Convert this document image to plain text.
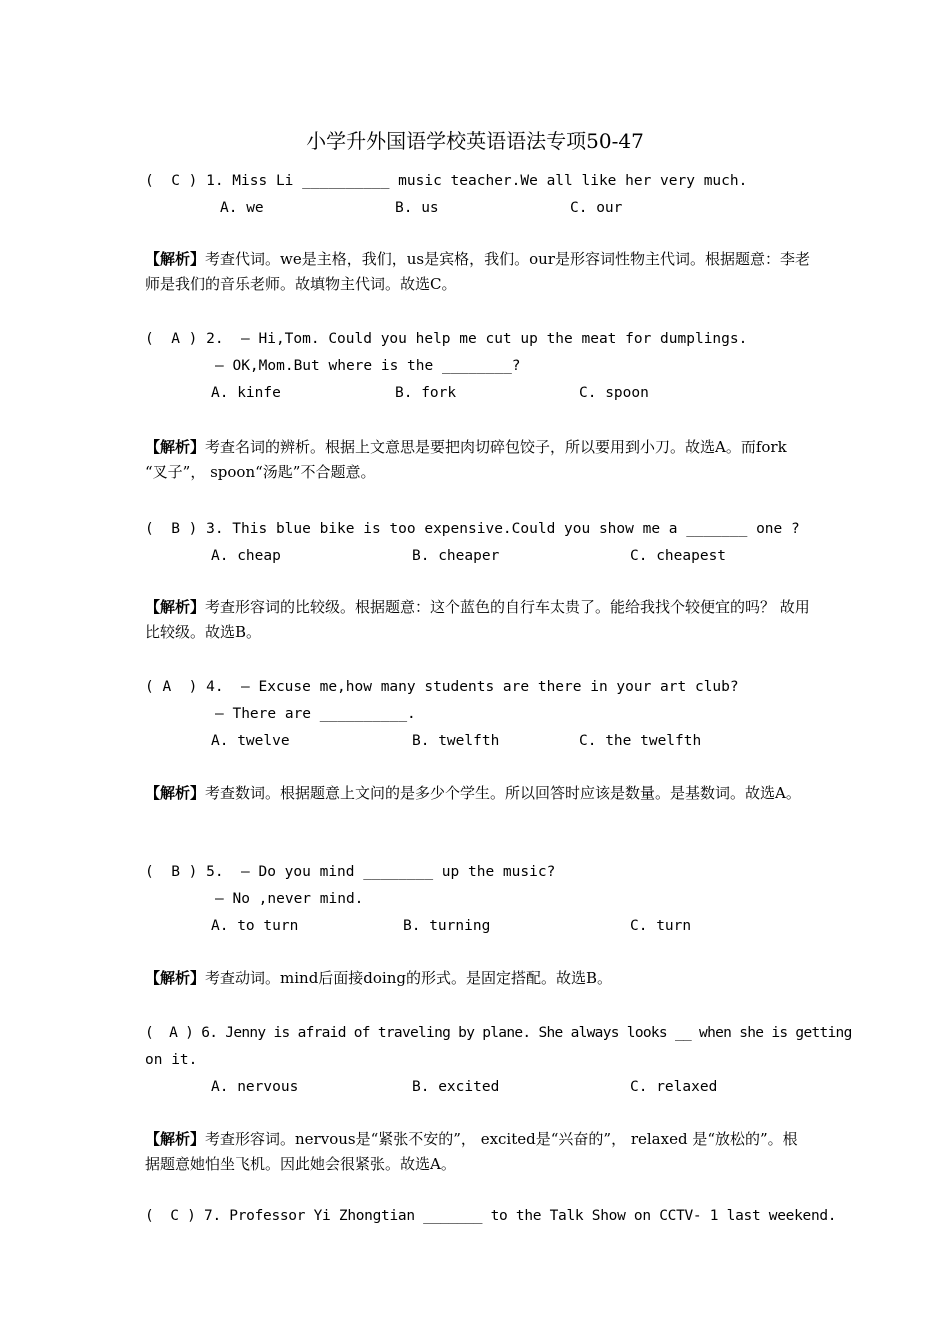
小学升外国语学校英语语法专项50-47
(  C ) 1. Miss Li __________ music teacher.We all like her very much.
A. we	B. us	C. our
【解析】考查代词。we是主格，我们，us是宾格，我们。our是形容词性物主代词。根据题意：李老师是我们的音乐老师。故填物主代词。故选C。
(  A ) 2.  – Hi,Tom. Could you help me cut up the meat for dumplings.
– OK,Mom.But where is the ________?
A. kinfe	B. fork	C. spoon
【解析】考查名词的辨析。根据上文意思是要把肉切碎包饺子，所以要用到小刀。故选A。而fork “叉子”， spoon“汤匙”不合题意。
(  B ) 3. This blue bike is too expensive.Could you show me a _______ one ?
A. cheap	B. cheaper	C. cheapest
【解析】考查形容词的比较级。根据题意：这个蓝色的自行车太贵了。能给我找个较便宜的吗？ 故用比较级。故选B。
( A  ) 4.  – Excuse me,how many students are there in your art club?
– There are __________.
A. twelve	B. twelfth	C. the twelfth
【解析】考查数词。根据题意上文问的是多少个学生。所以回答时应该是数量。是基数词。故选A。
(  B ) 5.  – Do you mind ________ up the music?
– No ,never mind.
A. to turn	B. turning	C. turn
【解析】考查动词。mind后面接doing的形式。是固定搭配。故选B。
(  A ) 6. Jenny is afraid of traveling by plane. She always looks __ when she is getting
on it.
A. nervous	B. excited	C. relaxed
【解析】考查形容词。nervous是“紧张不安的”， excited是“兴奋的”， relaxed 是“放松的”。根据题意她怕坐飞机。因此她会很紧张。故选A。
(  C ) 7. Professor Yi Zhongtian _______ to the Talk Show on CCTV- 1 last weekend.
